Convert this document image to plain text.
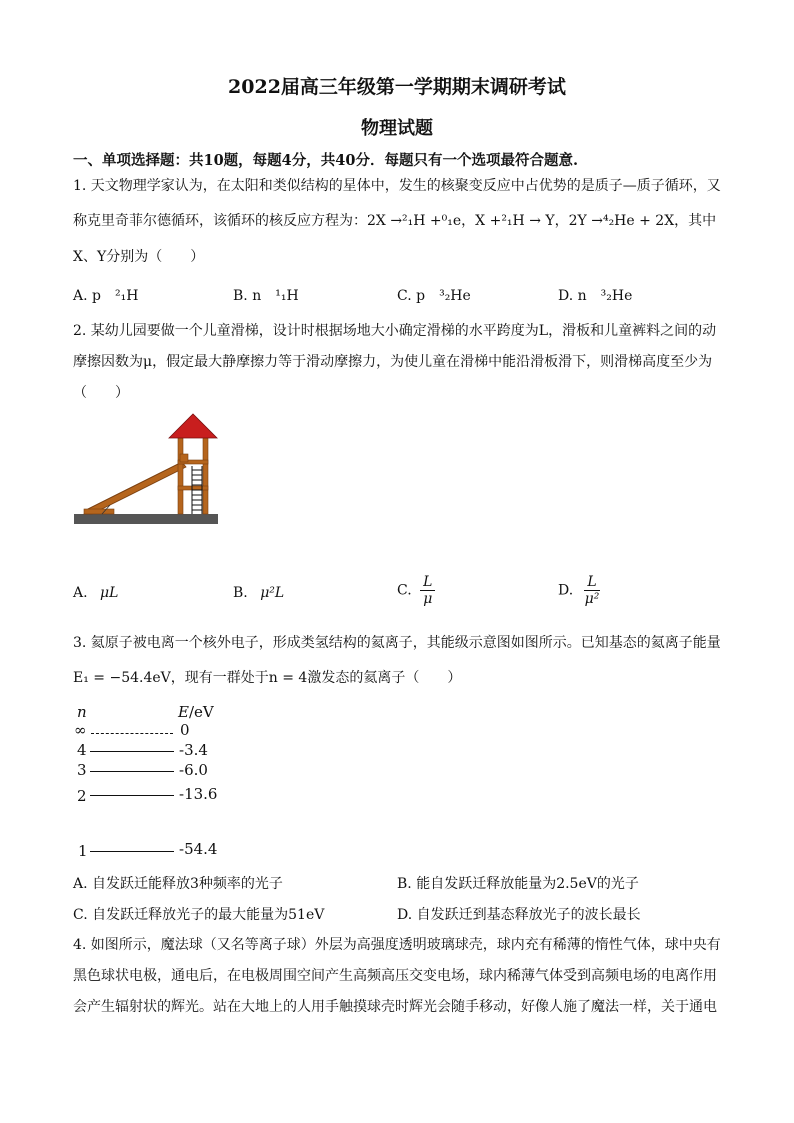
2022届高三年级第一学期期末调研考试
物理试题
一、单项选择题：共10题，每题4分，共40分．每题只有一个选项最符合题意.
1. 天文物理学家认为，在太阳和类似结构的星体中，发生的核聚变反应中占优势的是质子—质子循环，又
称克里奇菲尔德循环，该循环的核反应方程为：2X →²₁H +⁰₁e，X +²₁H → Y，2Y →⁴₂He + 2X，其中
X、Y分别为（　　）
A. p　²₁H	B. n　¹₁H	C. p　³₂He	D. n　³₂He
2. 某幼儿园要做一个儿童滑梯，设计时根据场地大小确定滑梯的水平跨度为L，滑板和儿童裤料之间的动
摩擦因数为μ，假定最大静摩擦力等于滑动摩擦力，为使儿童在滑梯中能沿滑板滑下，则滑梯高度至少为
（　　）
A. μL	B. μ²L	C. $\frac{L}{\mu}$	D. $\frac{L}{\text{μ²}}$
3. 氦原子被电离一个核外电子，形成类氢结构的氦离子，其能级示意图如图所示。已知基态的氦离子能量
E₁ = −54.4eV，现有一群处于n = 4激发态的氦离子（　　）
n	E/eV
∞	0
4	-3.4
3	-6.0
2	-13.6
1	-54.4
A. 自发跃迁能释放3种频率的光子	B. 能自发跃迁释放能量为2.5eV的光子
C. 自发跃迁释放光子的最大能量为51eV	D. 自发跃迁到基态释放光子的波长最长
4. 如图所示，魔法球（又名等离子球）外层为高强度透明玻璃球壳，球内充有稀薄的惰性气体，球中央有
黑色球状电极，通电后，在电极周围空间产生高频高压交变电场，球内稀薄气体受到高频电场的电离作用
会产生辐射状的辉光。站在大地上的人用手触摸球壳时辉光会随手移动，好像人施了魔法一样，关于通电
